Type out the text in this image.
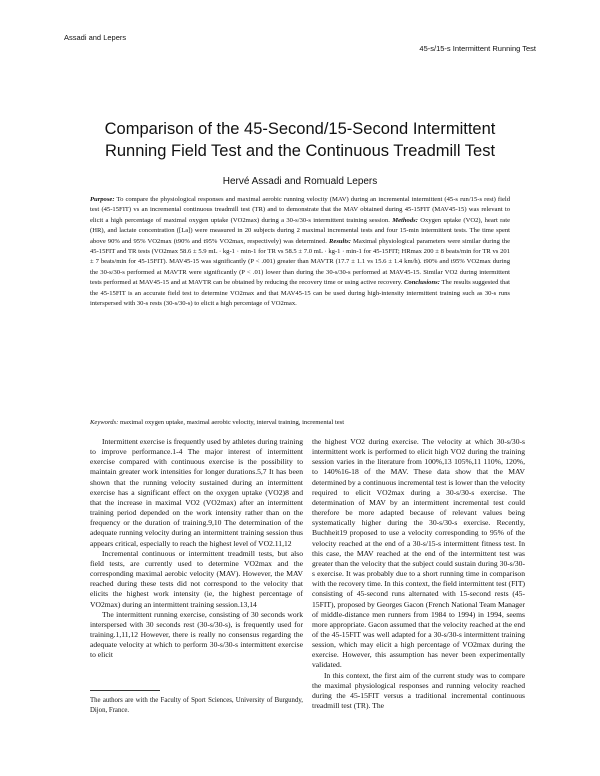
Assadi and Lepers
45-s/15-s Intermittent Running Test
Comparison of the 45-Second/15-Second Intermittent
Running Field Test and the Continuous Treadmill Test
Hervé Assadi and Romuald Lepers
Purpose: To compare the physiological responses and maximal aerobic running velocity (MAV) during an incremental intermittent (45-s run/15-s rest) field test (45-15FIT) vs an incremental continuous treadmill test (TR) and to demonstrate that the MAV obtained during 45-15FIT (MAV45-15) was relevant to elicit a high percentage of maximal oxygen uptake (VO2max) during a 30-s/30-s intermittent training session. Methods: Oxygen uptake (VO2), heart rate (HR), and lactate concentration ([La]) were measured in 20 subjects during 2 maximal incremental tests and four 15-min intermittent tests. The time spent above 90% and 95% VO2max (t90% and t95% VO2max, respectively) was determined. Results: Maximal physiological parameters were similar during the 45-15FIT and TR tests (VO2max 58.6 ± 5.9 mL · kg-1 · min-1 for TR vs 58.5 ± 7.0 mL · kg-1 · min-1 for 45-15FIT; HRmax 200 ± 8 beats/min for TR vs 201 ± 7 beats/min for 45-15FIT). MAV45-15 was significantly (P < .001) greater than MAVTR (17.7 ± 1.1 vs 15.6 ± 1.4 km/h). t90% and t95% VO2max during the 30-s/30-s performed at MAVTR were significantly (P < .01) lower than during the 30-s/30-s performed at MAV45-15. Similar VO2 during intermittent tests performed at MAV45-15 and at MAVTR can be obtained by reducing the recovery time or using active recovery. Conclusions: The results suggested that the 45-15FIT is an accurate field test to determine VO2max and that MAV45-15 can be used during high-intensity intermittent training such as 30-s runs interspersed with 30-s rests (30-s/30-s) to elicit a high percentage of VO2max.
Keywords: maximal oxygen uptake, maximal aerobic velocity, interval training, incremental test

Intermittent exercise is frequently used by athletes during training to improve performance.1-4 The major interest of intermittent exercise compared with continuous exercise is the possibility to maintain greater work intensities for longer durations.5,7 It has been shown that the running velocity sustained during an intermittent exercise has a significant effect on the oxygen uptake (VO2)8 and that the increase in maximal VO2 (VO2max) after an intermittent training period depended on the work intensity rather than on the frequency or the duration of training.9,10 The determination of the adequate running velocity during an intermittent training session thus appears critical, especially to reach the highest level of VO2.11,12

Incremental continuous or intermittent treadmill tests, but also field tests, are currently used to determine VO2max and the corresponding maximal aerobic velocity (MAV). However, the MAV reached during these tests did not correspond to the velocity that elicits the highest work intensity (ie, the highest percentage of VO2max) during an intermittent training session.13,14

The intermittent running exercise, consisting of 30 seconds work interspersed with 30 seconds rest (30-s/30-s), is frequently used for training.1,11,12 However, there is really no consensus regarding the adequate velocity at which to perform 30-s/30-s intermittent exercise to elicit

the highest VO2 during exercise. The velocity at which 30-s/30-s intermittent work is performed to elicit high VO2 during the training session varies in the literature from 100%,13 105%,11 110%, 120%, to 140%16-18 of the MAV. These data show that the MAV determined by a continuous incremental test is lower than the velocity required to elicit VO2max during a 30-s/30-s exercise. The determination of MAV by an intermittent incremental test could therefore be more adapted because of relevant values being systematically higher during the 30-s/30-s exercise. Recently, Buchheit19 proposed to use a velocity corresponding to 95% of the velocity reached at the end of a 30-s/15-s intermittent fitness test. In this case, the MAV reached at the end of the intermittent test was greater than the velocity that the subject could sustain during 30-s/30-s exercise. It was probably due to a short running time in comparison with the recovery time. In this context, the field intermittent test (FIT) consisting of 45-second runs alternated with 15-second rests (45-15FIT), proposed by Georges Gacon (French National Team Manager of middle-distance men runners from 1984 to 1994) in 1994, seems more appropriate. Gacon assumed that the velocity reached at the end of the 45-15FIT was well adapted for a 30-s/30-s intermittent training session, which may elicit a high percentage of VO2max during the exercise. However, this assumption has never been experimentally validated.

In this context, the first aim of the current study was to compare the maximal physiological responses and running velocity reached during the 45-15FIT versus a traditional incremental continuous treadmill test (TR). The

The authors are with the Faculty of Sport Sciences, University of Burgundy, Dijon, France.
